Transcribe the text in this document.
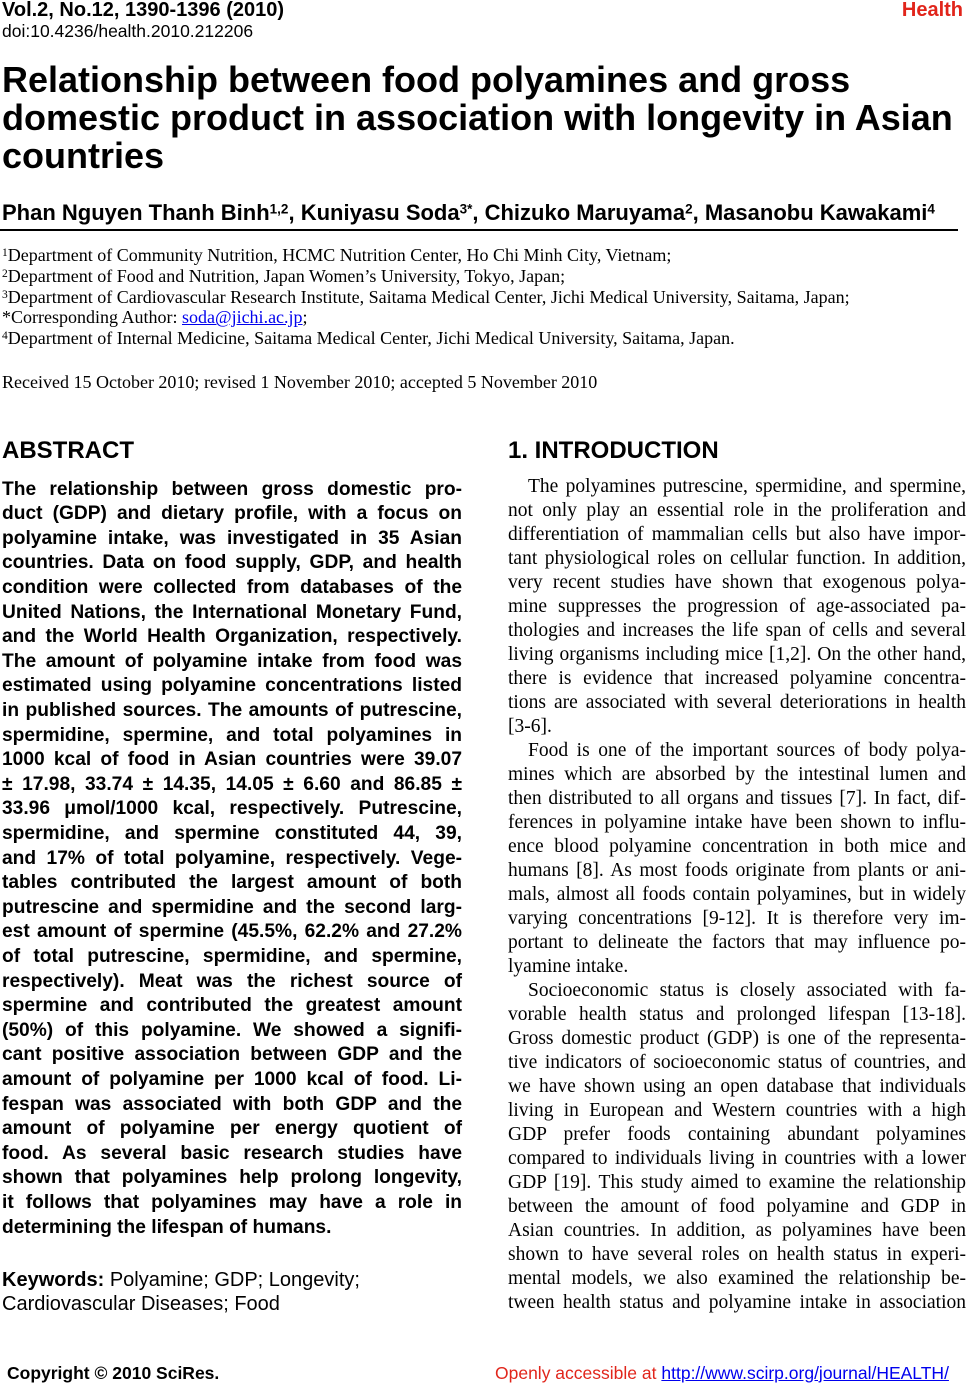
Vol.2, No.12, 1390-1396 (2010)
doi:10.4236/health.2010.212206
Health
Relationship between food polyamines and gross
domestic product in association with longevity in Asian
countries
Phan Nguyen Thanh Binh$^{1,2}$, Kuniyasu Soda$^{3*}$, Chizuko Maruyama$^2$, Masanobu Kawakami$^4$
$^1$Department of Community Nutrition, HCMC Nutrition Center, Ho Chi Minh City, Vietnam;
$^2$Department of Food and Nutrition, Japan Women’s University, Tokyo, Japan;
$^3$Department of Cardiovascular Research Institute, Saitama Medical Center, Jichi Medical University, Saitama, Japan;
*Corresponding Author: soda@jichi.ac.jp;
$^4$Department of Internal Medicine, Saitama Medical Center, Jichi Medical University, Saitama, Japan.
Received 15 October 2010; revised 1 November 2010; accepted 5 November 2010
ABSTRACT
The relationship between gross domestic pro-
duct (GDP) and dietary profile, with a focus on
polyamine intake, was investigated in 35 Asian
countries. Data on food supply, GDP, and health
condition were collected from databases of the
United Nations, the International Monetary Fund,
and the World Health Organization, respectively.
The amount of polyamine intake from food was
estimated using polyamine concentrations listed
in published sources. The amounts of putrescine,
spermidine, spermine, and total polyamines in
1000 kcal of food in Asian countries were 39.07
± 17.98, 33.74 ± 14.35, 14.05 ± 6.60 and 86.85 ±
33.96 μmol/1000 kcal, respectively. Putrescine,
spermidine, and spermine constituted 44, 39,
and 17% of total polyamine, respectively. Vege-
tables contributed the largest amount of both
putrescine and spermidine and the second larg-
est amount of spermine (45.5%, 62.2% and 27.2%
of total putrescine, spermidine, and spermine,
respectively). Meat was the richest source of
spermine and contributed the greatest amount
(50%) of this polyamine. We showed a signifi-
cant positive association between GDP and the
amount of polyamine per 1000 kcal of food. Li-
fespan was associated with both GDP and the
amount of polyamine per energy quotient of
food. As several basic research studies have
shown that polyamines help prolong longevity,
it follows that polyamines may have a role in
determining the lifespan of humans.
Keywords: Polyamine; GDP; Longevity;
Cardiovascular Diseases; Food
1. INTRODUCTION
The polyamines putrescine, spermidine, and spermine,
not only play an essential role in the proliferation and
differentiation of mammalian cells but also have impor-
tant physiological roles on cellular function. In addition,
very recent studies have shown that exogenous polya-
mine suppresses the progression of age-associated pa-
thologies and increases the life span of cells and several
living organisms including mice [1,2]. On the other hand,
there is evidence that increased polyamine concentra-
tions are associated with several deteriorations in health
[3-6].
Food is one of the important sources of body polya-
mines which are absorbed by the intestinal lumen and
then distributed to all organs and tissues [7]. In fact, dif-
ferences in polyamine intake have been shown to influ-
ence blood polyamine concentration in both mice and
humans [8]. As most foods originate from plants or ani-
mals, almost all foods contain polyamines, but in widely
varying concentrations [9-12]. It is therefore very im-
portant to delineate the factors that may influence po-
lyamine intake.
Socioeconomic status is closely associated with fa-
vorable health status and prolonged lifespan [13-18].
Gross domestic product (GDP) is one of the representa-
tive indicators of socioeconomic status of countries, and
we have shown using an open database that individuals
living in European and Western countries with a high
GDP prefer foods containing abundant polyamines
compared to individuals living in countries with a lower
GDP [19]. This study aimed to examine the relationship
between the amount of food polyamine and GDP in
Asian countries. In addition, as polyamines have been
shown to have several roles on health status in experi-
mental models, we also examined the relationship be-
tween health status and polyamine intake in association
Copyright © 2010 SciRes.	Openly accessible at http://www.scirp.org/journal/HEALTH/
